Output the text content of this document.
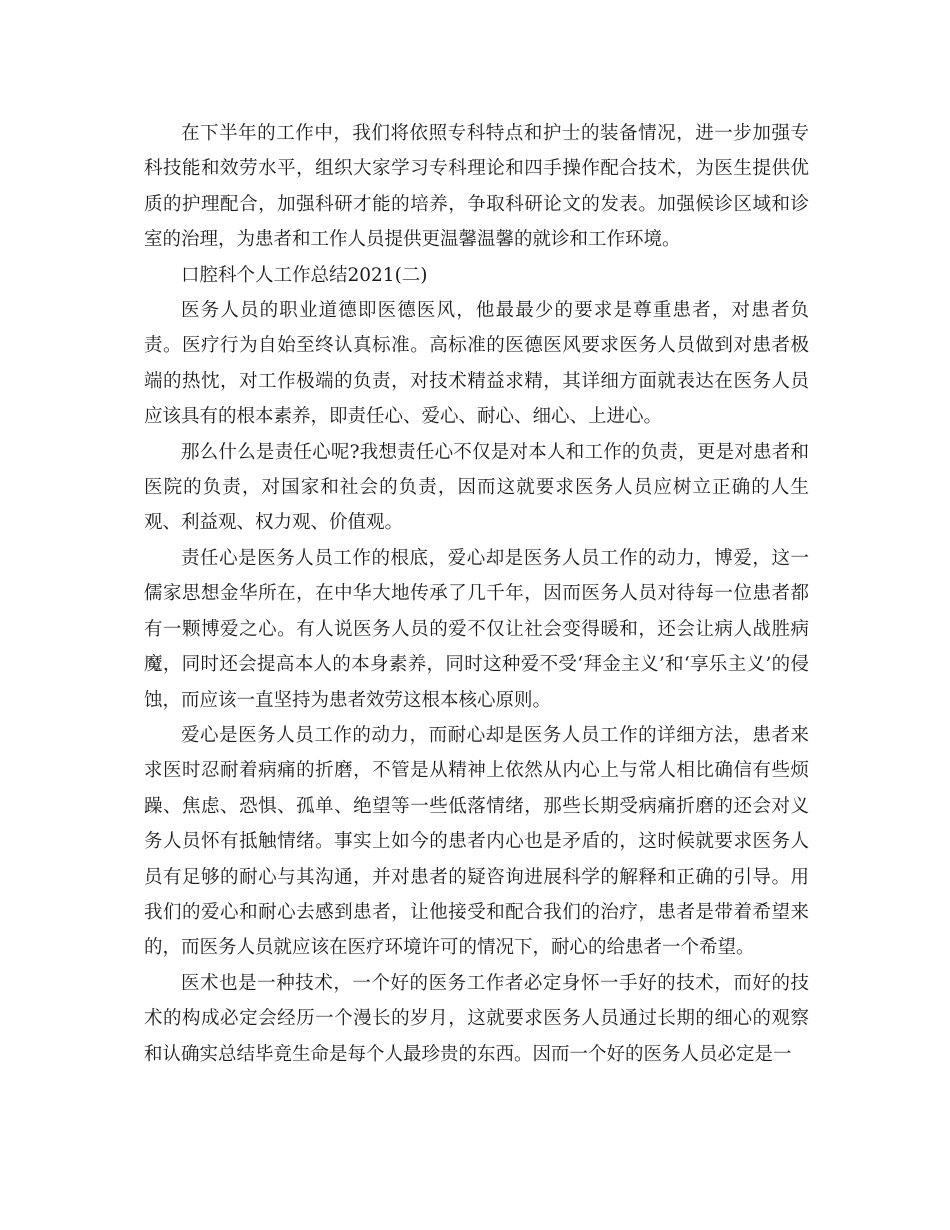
在下半年的工作中，我们将依照专科特点和护士的装备情况，进一步加强专科技能和效劳水平，组织大家学习专科理论和四手操作配合技术，为医生提供优质的护理配合，加强科研才能的培养，争取科研论文的发表。加强候诊区域和诊室的治理，为患者和工作人员提供更温馨温馨的就诊和工作环境。

口腔科个人工作总结2021(二)

医务人员的职业道德即医德医风，他最最少的要求是尊重患者，对患者负责。医疗行为自始至终认真标准。高标准的医德医风要求医务人员做到对患者极端的热忱，对工作极端的负责，对技术精益求精，其详细方面就表达在医务人员应该具有的根本素养，即责任心、爱心、耐心、细心、上进心。

那么什么是责任心呢?我想责任心不仅是对本人和工作的负责，更是对患者和医院的负责，对国家和社会的负责，因而这就要求医务人员应树立正确的人生观、利益观、权力观、价值观。

责任心是医务人员工作的根底，爱心却是医务人员工作的动力，博爱，这一儒家思想金华所在，在中华大地传承了几千年，因而医务人员对待每一位患者都有一颗博爱之心。有人说医务人员的爱不仅让社会变得暖和，还会让病人战胜病魔，同时还会提高本人的本身素养，同时这种爱不受‘拜金主义’和‘享乐主义’的侵蚀，而应该一直坚持为患者效劳这根本核心原则。

爱心是医务人员工作的动力，而耐心却是医务人员工作的详细方法，患者来求医时忍耐着病痛的折磨，不管是从精神上依然从内心上与常人相比确信有些烦躁、焦虑、恐惧、孤单、绝望等一些低落情绪，那些长期受病痛折磨的还会对义务人员怀有抵触情绪。事实上如今的患者内心也是矛盾的，这时候就要求医务人员有足够的耐心与其沟通，并对患者的疑咨询进展科学的解释和正确的引导。用我们的爱心和耐心去感到患者，让他接受和配合我们的治疗，患者是带着希望来的，而医务人员就应该在医疗环境许可的情况下，耐心的给患者一个希望。

医术也是一种技术，一个好的医务工作者必定身怀一手好的技术，而好的技术的构成必定会经历一个漫长的岁月，这就要求医务人员通过长期的细心的观察和认确实总结毕竟生命是每个人最珍贵的东西。因而一个好的医务人员必定是一
